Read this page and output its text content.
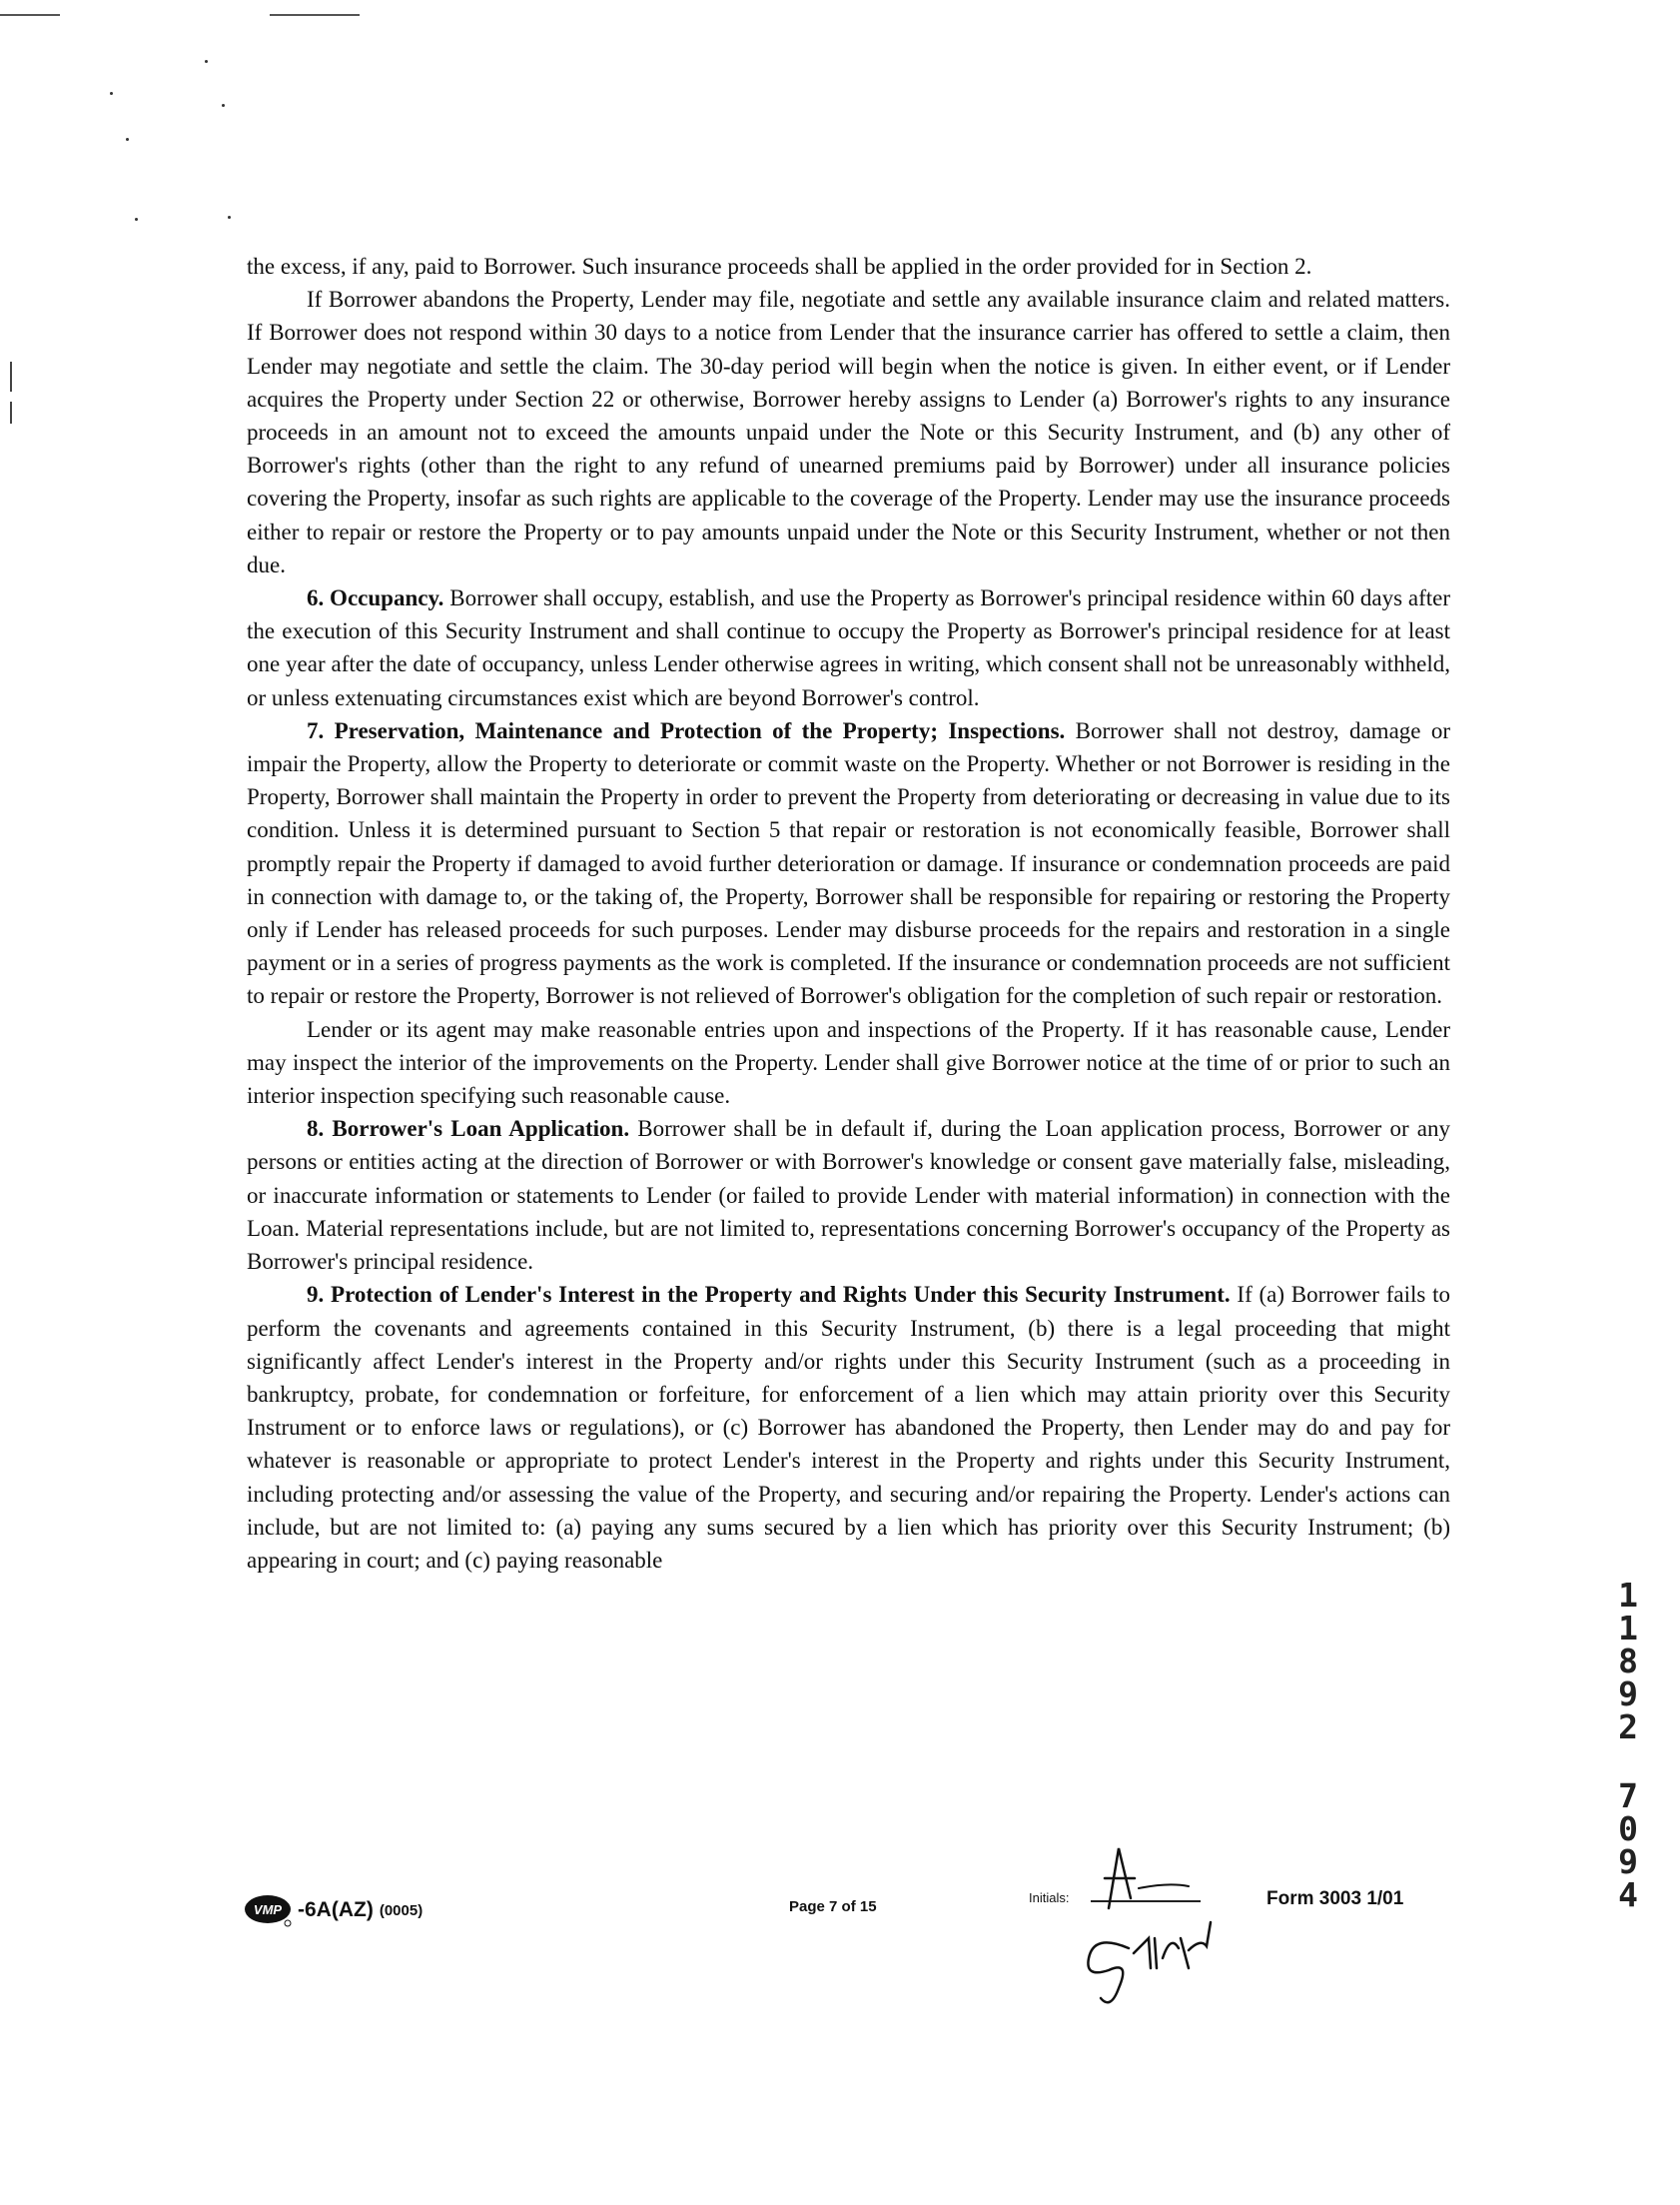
the excess, if any, paid to Borrower. Such insurance proceeds shall be applied in the order provided for in Section 2.

If Borrower abandons the Property, Lender may file, negotiate and settle any available insurance claim and related matters. If Borrower does not respond within 30 days to a notice from Lender that the insurance carrier has offered to settle a claim, then Lender may negotiate and settle the claim. The 30-day period will begin when the notice is given. In either event, or if Lender acquires the Property under Section 22 or otherwise, Borrower hereby assigns to Lender (a) Borrower's rights to any insurance proceeds in an amount not to exceed the amounts unpaid under the Note or this Security Instrument, and (b) any other of Borrower's rights (other than the right to any refund of unearned premiums paid by Borrower) under all insurance policies covering the Property, insofar as such rights are applicable to the coverage of the Property. Lender may use the insurance proceeds either to repair or restore the Property or to pay amounts unpaid under the Note or this Security Instrument, whether or not then due.

6. Occupancy. Borrower shall occupy, establish, and use the Property as Borrower's principal residence within 60 days after the execution of this Security Instrument and shall continue to occupy the Property as Borrower's principal residence for at least one year after the date of occupancy, unless Lender otherwise agrees in writing, which consent shall not be unreasonably withheld, or unless extenuating circumstances exist which are beyond Borrower's control.

7. Preservation, Maintenance and Protection of the Property; Inspections. Borrower shall not destroy, damage or impair the Property, allow the Property to deteriorate or commit waste on the Property. Whether or not Borrower is residing in the Property, Borrower shall maintain the Property in order to prevent the Property from deteriorating or decreasing in value due to its condition. Unless it is determined pursuant to Section 5 that repair or restoration is not economically feasible, Borrower shall promptly repair the Property if damaged to avoid further deterioration or damage. If insurance or condemnation proceeds are paid in connection with damage to, or the taking of, the Property, Borrower shall be responsible for repairing or restoring the Property only if Lender has released proceeds for such purposes. Lender may disburse proceeds for the repairs and restoration in a single payment or in a series of progress payments as the work is completed. If the insurance or condemnation proceeds are not sufficient to repair or restore the Property, Borrower is not relieved of Borrower's obligation for the completion of such repair or restoration.

Lender or its agent may make reasonable entries upon and inspections of the Property. If it has reasonable cause, Lender may inspect the interior of the improvements on the Property. Lender shall give Borrower notice at the time of or prior to such an interior inspection specifying such reasonable cause.

8. Borrower's Loan Application. Borrower shall be in default if, during the Loan application process, Borrower or any persons or entities acting at the direction of Borrower or with Borrower's knowledge or consent gave materially false, misleading, or inaccurate information or statements to Lender (or failed to provide Lender with material information) in connection with the Loan. Material representations include, but are not limited to, representations concerning Borrower's occupancy of the Property as Borrower's principal residence.

9. Protection of Lender's Interest in the Property and Rights Under this Security Instrument. If (a) Borrower fails to perform the covenants and agreements contained in this Security Instrument, (b) there is a legal proceeding that might significantly affect Lender's interest in the Property and/or rights under this Security Instrument (such as a proceeding in bankruptcy, probate, for condemnation or forfeiture, for enforcement of a lien which may attain priority over this Security Instrument or to enforce laws or regulations), or (c) Borrower has abandoned the Property, then Lender may do and pay for whatever is reasonable or appropriate to protect Lender's interest in the Property and rights under this Security Instrument, including protecting and/or assessing the value of the Property, and securing and/or repairing the Property. Lender's actions can include, but are not limited to: (a) paying any sums secured by a lien which has priority over this Security Instrument; (b) appearing in court; and (c) paying reasonable

1
1
8
9
2
7
0
9
4
VMP -6A(AZ) (0005)	Page 7 of 15
Initials:	Form 3003 1/01
